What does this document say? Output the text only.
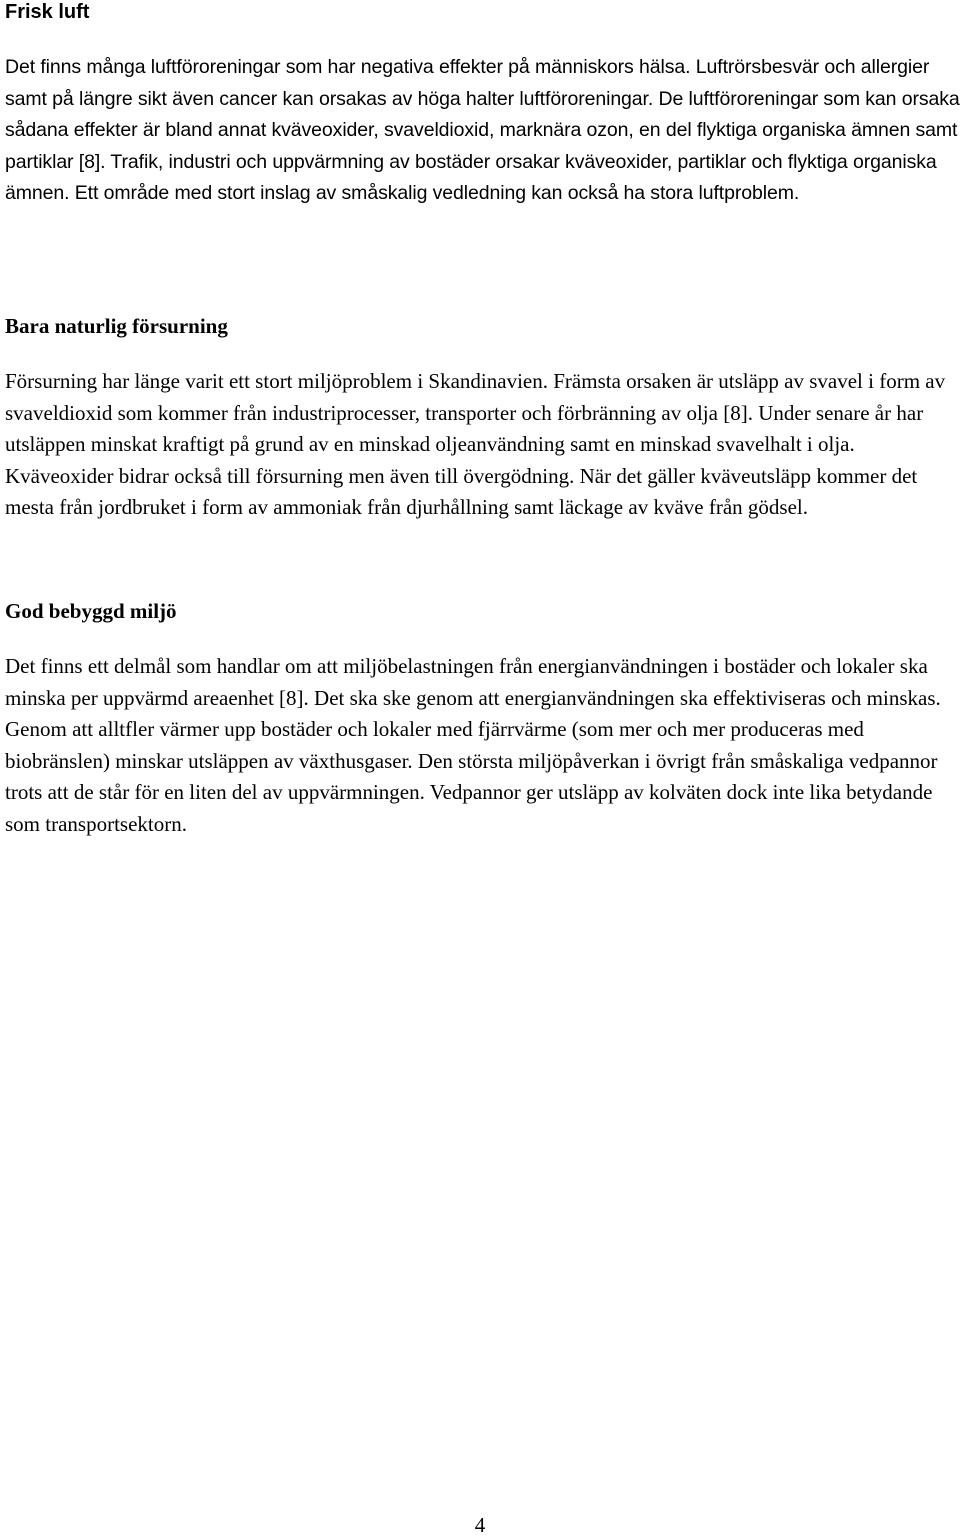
Frisk luft

Det finns många luftföroreningar som har negativa effekter på människors hälsa. Luftrörsbesvär och allergier samt på längre sikt även cancer kan orsakas av höga halter luftföroreningar. De luftföroreningar som kan orsaka sådana effekter är bland annat kväveoxider, svaveldioxid, marknära ozon, en del flyktiga organiska ämnen samt partiklar [8]. Trafik, industri och uppvärmning av bostäder orsakar kväveoxider, partiklar och flyktiga organiska ämnen. Ett område med stort inslag av småskalig vedledning kan också ha stora luftproblem.

Bara naturlig försurning

Försurning har länge varit ett stort miljöproblem i Skandinavien. Främsta orsaken är utsläpp av svavel i form av svaveldioxid som kommer från industriprocesser, transporter och förbränning av olja [8]. Under senare år har utsläppen minskat kraftigt på grund av en minskad oljeanvändning samt en minskad svavelhalt i olja. Kväveoxider bidrar också till försurning men även till övergödning. När det gäller kväveutsläpp kommer det mesta från jordbruket i form av ammoniak från djurhållning samt läckage av kväve från gödsel.

God bebyggd miljö

Det finns ett delmål som handlar om att miljöbelastningen från energianvändningen i bostäder och lokaler ska minska per uppvärmd areaenhet [8]. Det ska ske genom att energianvändningen ska effektiviseras och minskas. Genom att alltfler värmer upp bostäder och lokaler med fjärrvärme (som mer och mer produceras med biobränslen) minskar utsläppen av växthusgaser. Den största miljöpåverkan i övrigt från småskaliga vedpannor trots att de står för en liten del av uppvärmningen. Vedpannor ger utsläpp av kolväten dock inte lika betydande som transportsektorn.

4
